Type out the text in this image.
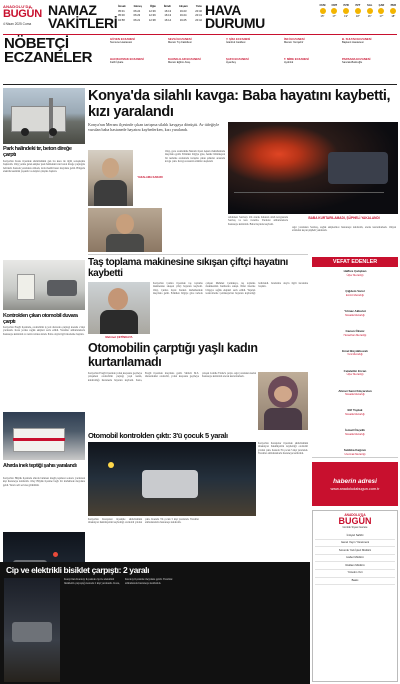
ANADOLU'DA
BUGÜN
4 Nisan 2025 Cuma
NAMAZ
VAKİTLERİ
İmsak	Güneş	Öğle	İkindi	Akşam	Yatsı
05:01	06:24	12:39	16:13	19:23	20:40
05:00	06:23	12:39	16:13	19:24	20:41
04:58	06:21	12:38	16:14	19:25	20:42
HAVA
DURUMU
CUM
15°
CMT
17°
PZR
19°
PZT
18°
SAL
16°
ÇAR
17°
PER
18°
NÖBETÇİ
ECZANELER
GÜVEN ECZANESİ
Numune Hastanesi
SEVGİ ECZANESİ
Meram Tıp Fakültesi
Y. ŞİFA ECZANESİ
İstanbul Caddesi
İNCİ ECZANESİ
Meram Yenişehir
B. SULTAN ECZANESİ
Başkent Hastanesi
HACIKAYMAK ECZANESİ
Fatih İçkale
KAVAKLILAR ECZANESİ
Meram Eğitim Araş.
ŞAFO ECZANESİ
Ayanbey
T. MİRE ECZANESİ
Aydınlık
PARSANA ECZANESİ
Sancak-Balcıoğlu
Park halindeki tır, beton direğe çarptı
Konya'nın Konu ilçesinde sürücüsünün gen bu kaza ile ilgili soruşturma başlatıldı. Olay yerine gelen ekipler park halindeki tırın beton direğe çarptığını belirledi. Kazada yaralanan olmadı, tırda maddi hasar meydana geldi. Bölgede elektrik kesintisi yaşandı ve ekipler çalışma başlattı.
Kontrolden çıkan otomobil duvara çarptı
Konya'nın Ereğli ilçesinde, otomobilin iş yeri duvarına çarptığı kazada 2 kişi yaralandı. Kaza yerine sağlık ekipleri sevk edildi. Yaralılar ambulanslarla hastaneye kaldırıldı ve tedavi altına alındı. Polis olayla ilgili inceleme başlattı.
Ahırda inek teptiği şahıs yaralandı
Konya'nın Hüyük ilçesinde ahırda bulunan ineğin tepmesi sonucu yaralanan kişi hastaneye kaldırıldı. Olay Hüyük ilçesine bağlı bir mahallede meydana geldi. Yaralı acil servise götürüldü.
Konya'da silahlı kavga: Baba hayatını kaybetti, kızı yaralandı
Konya'nın Meram ilçesinde çıkan tartışma silahlı kavgaya dönüştü. Av tüfeğiyle vurulan baba hastanede hayatını kaybederken, kızı yaralandı.
YAKALAMA KARARI
Olay, gece saatlerinde Meram ilçesi Aşkan mahallesinde meydana geldi. Edinilen bilgiye göre, henüz bilinmeyen bir nedenle aralarında tartışma çıkan şahıslar arasında kavga çıktı. Kavga sırasında silahlar ateşlendi.
Abdulsen Sarıbaş'ı ölü olarak bulunan silah kavgasında Sarıbaş ve kızı vuruldu. Yaralılar ambulanslarla hastaneye kaldırıldı. Baba hayatını kaybetti.
BABA KURTARILAMADI, ŞÜPHELİ YAKALANDI
Ağır yaralanan Sarıbaş, sağlık ekiplerince hastaneye kaldırıldı, ancak kurtarılamadı. Olayın ardından kaçan şüpheli yakalandı.
Taş toplama makinesine sıkışan çiftçi hayatını kaybetti
Mehmet ÇETİNKAYA
Konya'nın Çumra ilçesinde taş toplama makinesine sıkışan çiftçi hayatını kaybetti. Olay, Çumra ilçesi Karkın mahallesinde meydana geldi. Edinilen bilgiye göre tarlada çalışan Mehmet Çetinkaya, taş toplama makinesinin bantlarına sıkıştı. İhbar üzerine bölgeye sağlık ekipleri sevk edildi. Yapılan kontrollerde Çetinkaya'nın hayatını kaybettiği belirlendi. Jandarma olayla ilgili inceleme başlattı.
Otomobilin çarptığı yaşlı kadın kurtarılamadı
Konya'nın Ereğli ilçesinde yolun karşısına geçmeye çalışırken otomobilin çarptığı yaşlı kadın, kaldırıldığı hastanede hayatını kaybetti. Kaza, Ereğli ilçesinde meydana geldi. Sürücü M.S. idaresindeki otomobil, yolun karşısına geçmeye çalışan Cemile Yıldız'a çarptı. Ağır yaralanan kadın hastaneye kaldırıldı ancak kurtarılamadı.
Otomobil kontrolden çıktı: 3'ü çocuk 5 yaralı
Konya'nın Karapınar ilçesinde sürücüsünün direksiyon hakimiyetini kaybettiği otomobil yoldan çıktı. Kazada 3'ü çocuk 5 kişi yaralandı. Yaralılar ambulanslarla hastaneye kaldırıldı.
Konya'nın Karapınar ilçesinde sürücüsünün direksiyon hakimiyetini kaybettiği otomobil yoldan çıktı. Kazada 3'ü çocuk 5 kişi yaralandı. Yaralılar ambulanslarla hastaneye kaldırıldı.
Cip ve elektrikli bisiklet çarpıştı: 2 yaralı
Konya'nın Karatay ilçesinde cip ile elektrikli bisikletin çarpıştığı kazada 2 kişi yaralandı. Kaza, Karatay ilçesinde meydana geldi. Yaralılar ambulansla hastaneye kaldırıldı.
VEFAT EDENLER
Haflize Çalışkan
Üçler Mezarlığı
Çiğdem Varol
Emirci Mezarlığı
Yılmaz Akbulut
Musalla Mezarlığı
Canan Öksüz
Hocacihan Mezarlığı
Emel Büyükbozalı
Yeni Mezarlığı
Celalettin Ercan
Üçler Mezarlığı
Ahmet Sami Kılıçarslan
Musalla Mezarlığı
Elif Toplak
Musalla Mezarlığı
İsmail Özçelik
Musalla Mezarlığı
Sıddıka Kağıncı
Uluırmak Mezarlığı
haberin adresi
www.anadoludabugun.com.tr
ANADOLU'DA
BUGÜN
Günlük Siyasi Gazete
İmtiyaz Sahibi
Genel Yayın Yönetmeni
Sorumlu Yazı İşleri Müdürü
Haber Müdürü
Reklam Müdürü
Yönetim Yeri
Baskı
